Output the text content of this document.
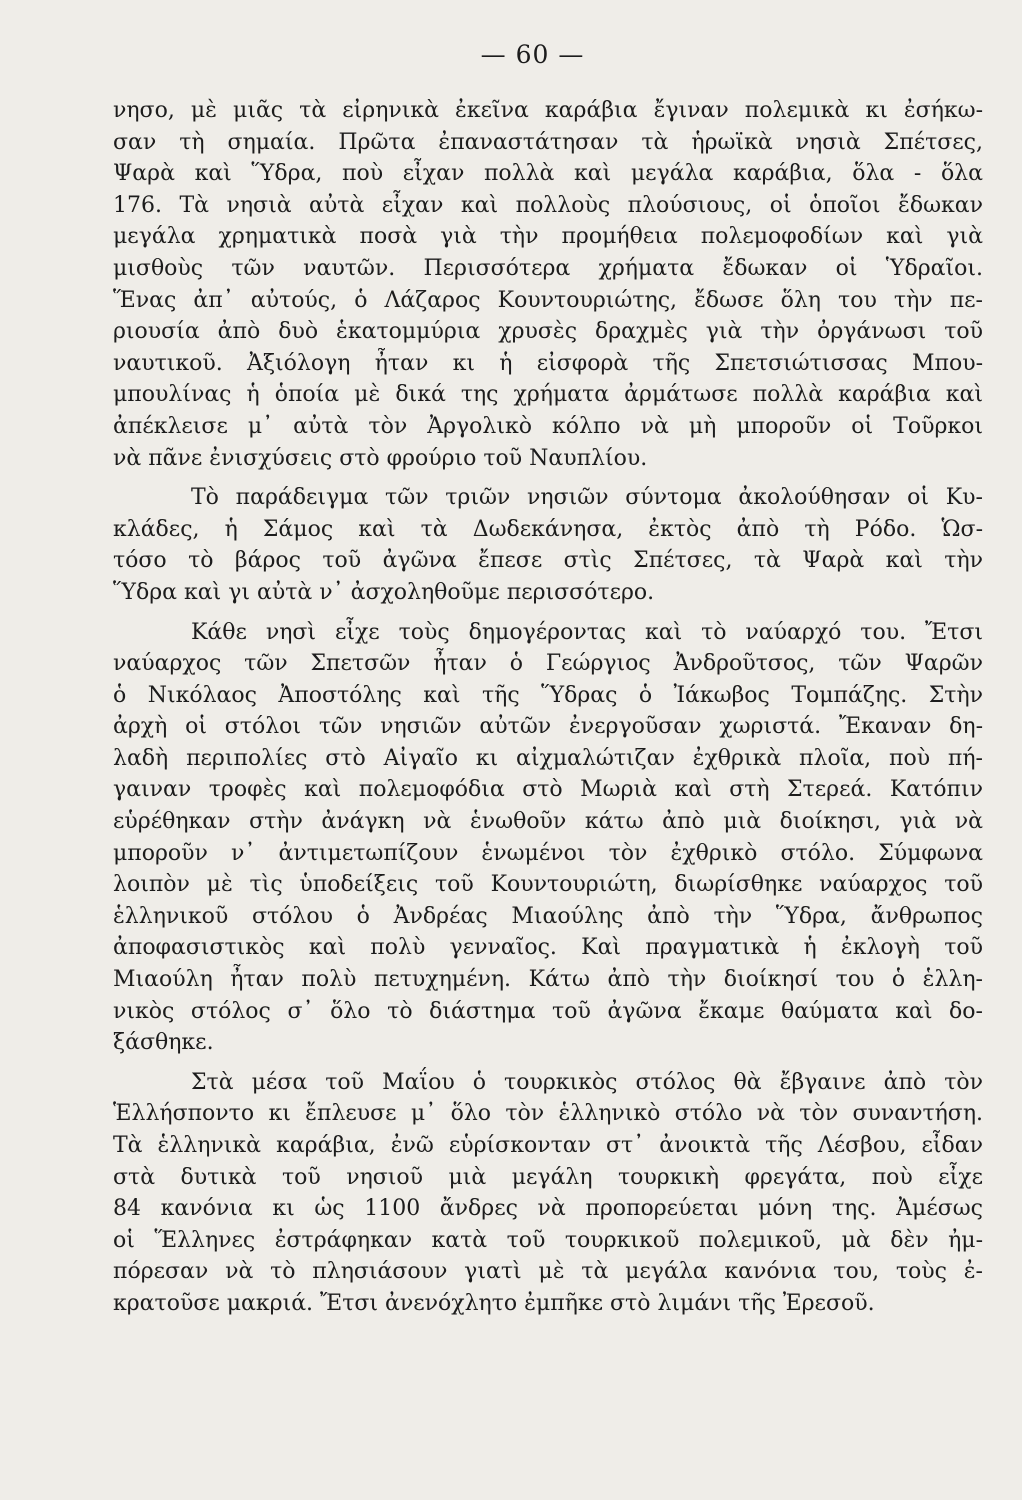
— 60 —
νησο, μὲ μιᾶς τὰ εἰρηνικὰ ἐκεῖνα καράβια ἔγιναν πολεμικὰ κι ἐσήκω-
σαν τὴ σημαία. Πρῶτα ἐπαναστάτησαν τὰ ἡρωϊκὰ νησιὰ Σπέτσες,
Ψαρὰ καὶ Ὕδρα, ποὺ εἶχαν πολλὰ καὶ μεγάλα καράβια, ὅλα - ὅλα
176. Τὰ νησιὰ αὐτὰ εἶχαν καὶ πολλοὺς πλούσιους, οἱ ὁποῖοι ἔδωκαν
μεγάλα χρηματικὰ ποσὰ γιὰ τὴν προμήθεια πολεμοφοδίων καὶ γιὰ
μισθοὺς τῶν ναυτῶν. Περισσότερα χρήματα ἔδωκαν οἱ Ὑδραῖοι.
Ἕνας ἀπ᾿ αὐτούς, ὁ Λάζαρος Κουντουριώτης, ἔδωσε ὅλη του τὴν πε-
ριουσία ἀπὸ δυὸ ἑκατομμύρια χρυσὲς δραχμὲς γιὰ τὴν ὀργάνωσι τοῦ
ναυτικοῦ. Ἀξιόλογη ἦταν κι ἡ εἰσφορὰ τῆς Σπετσιώτισσας Μπου-
μπουλίνας ἡ ὁποία μὲ δικά της χρήματα ἀρμάτωσε πολλὰ καράβια καὶ
ἀπέκλεισε μ᾿ αὐτὰ τὸν Ἀργολικὸ κόλπο νὰ μὴ μποροῦν οἱ Τοῦρκοι
νὰ πᾶνε ἐνισχύσεις στὸ φρούριο τοῦ Ναυπλίου.
Τὸ παράδειγμα τῶν τριῶν νησιῶν σύντομα ἀκολούθησαν οἱ Κυ-
κλάδες, ἡ Σάμος καὶ τὰ Δωδεκάνησα, ἐκτὸς ἀπὸ τὴ Ρόδο. Ὡσ-
τόσο τὸ βάρος τοῦ ἀγῶνα ἔπεσε στὶς Σπέτσες, τὰ Ψαρὰ καὶ τὴν
Ὕδρα καὶ γι αὐτὰ ν᾿ ἀσχοληθοῦμε περισσότερο.
Κάθε νησὶ εἶχε τοὺς δημογέροντας καὶ τὸ ναύαρχό του. Ἔτσι
ναύαρχος τῶν Σπετσῶν ἦταν ὁ Γεώργιος Ἀνδροῦτσος, τῶν Ψαρῶν
ὁ Νικόλαος Ἀποστόλης καὶ τῆς Ὕδρας ὁ Ἰάκωβος Τομπάζης. Στὴν
ἀρχὴ οἱ στόλοι τῶν νησιῶν αὐτῶν ἐνεργοῦσαν χωριστά. Ἔκαναν δη-
λαδὴ περιπολίες στὸ Αἰγαῖο κι αἰχμαλώτιζαν ἐχθρικὰ πλοῖα, ποὺ πή-
γαιναν τροφὲς καὶ πολεμοφόδια στὸ Μωριὰ καὶ στὴ Στερεά. Κατόπιν
εὑρέθηκαν στὴν ἀνάγκη νὰ ἑνωθοῦν κάτω ἀπὸ μιὰ διοίκησι, γιὰ νὰ
μποροῦν ν᾿ ἀντιμετωπίζουν ἑνωμένοι τὸν ἐχθρικὸ στόλο. Σύμφωνα
λοιπὸν μὲ τὶς ὑποδείξεις τοῦ Κουντουριώτη, διωρίσθηκε ναύαρχος τοῦ
ἑλληνικοῦ στόλου ὁ Ἀνδρέας Μιαούλης ἀπὸ τὴν Ὕδρα, ἄνθρωπος
ἀποφασιστικὸς καὶ πολὺ γενναῖος. Καὶ πραγματικὰ ἡ ἐκλογὴ τοῦ
Μιαούλη ἦταν πολὺ πετυχημένη. Κάτω ἀπὸ τὴν διοίκησί του ὁ ἑλλη-
νικὸς στόλος σ᾿ ὅλο τὸ διάστημα τοῦ ἀγῶνα ἔκαμε θαύματα καὶ δο-
ξάσθηκε.
Στὰ μέσα τοῦ Μαΐου ὁ τουρκικὸς στόλος θὰ ἔβγαινε ἀπὸ τὸν
Ἑλλήσποντο κι ἔπλευσε μ᾿ ὅλο τὸν ἑλληνικὸ στόλο νὰ τὸν συναντήση.
Τὰ ἑλληνικὰ καράβια, ἐνῶ εὑρίσκονταν στ᾿ ἀνοικτὰ τῆς Λέσβου, εἶδαν
στὰ δυτικὰ τοῦ νησιοῦ μιὰ μεγάλη τουρκικὴ φρεγάτα, ποὺ εἶχε
84 κανόνια κι ὡς 1100 ἄνδρες νὰ προπορεύεται μόνη της. Ἀμέσως
οἱ Ἕλληνες ἐστράφηκαν κατὰ τοῦ τουρκικοῦ πολεμικοῦ, μὰ δὲν ἠμ-
πόρεσαν νὰ τὸ πλησιάσουν γιατὶ μὲ τὰ μεγάλα κανόνια του, τοὺς ἐ-
κρατοῦσε μακριά. Ἔτσι ἀνενόχλητο ἐμπῆκε στὸ λιμάνι τῆς Ἐρεσοῦ.
